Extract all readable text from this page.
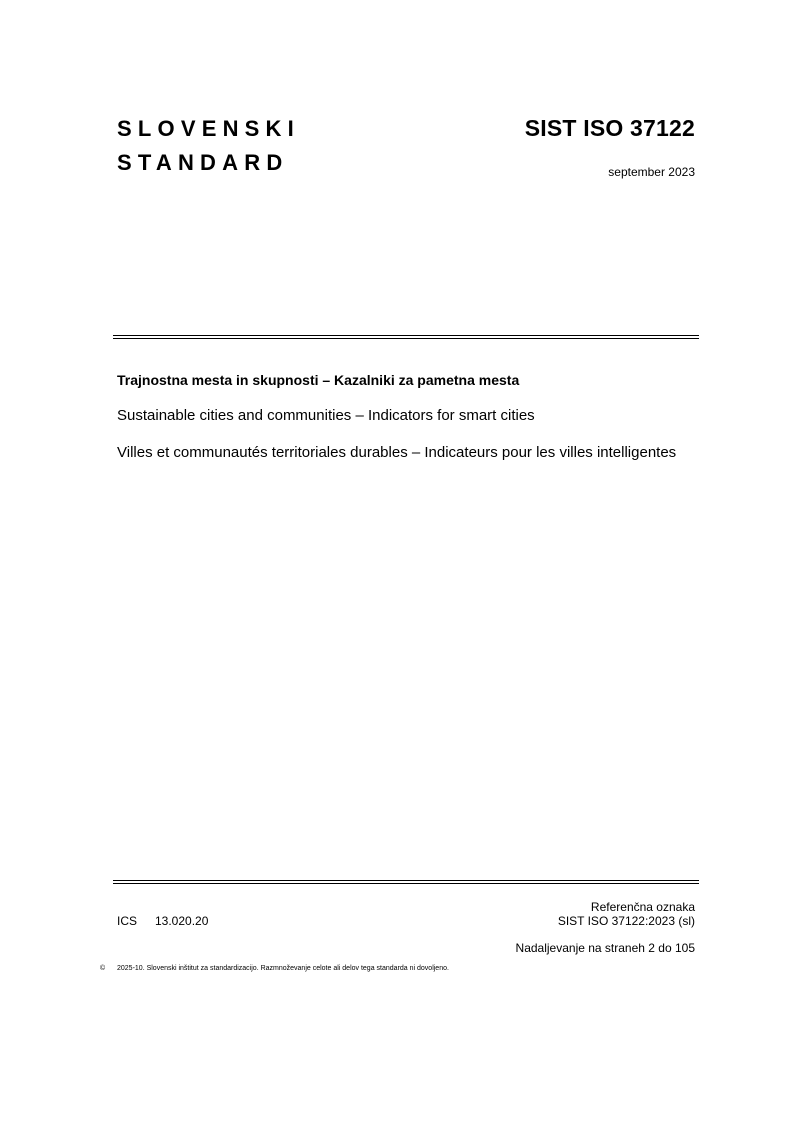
SLOVENSKI
STANDARD
SIST ISO 37122
september 2023
Trajnostna mesta in skupnosti – Kazalniki za pametna mesta
Sustainable cities and communities – Indicators for smart cities
Villes et communautés territoriales durables – Indicateurs pour les villes intelligentes
Referenčna oznaka
ICS 13.020.20	SIST ISO 37122:2023 (sl)
Nadaljevanje na straneh 2 do 105
© 2025-10. Slovenski inštitut za standardizacijo. Razmnoževanje celote ali delov tega standarda ni dovoljeno.
